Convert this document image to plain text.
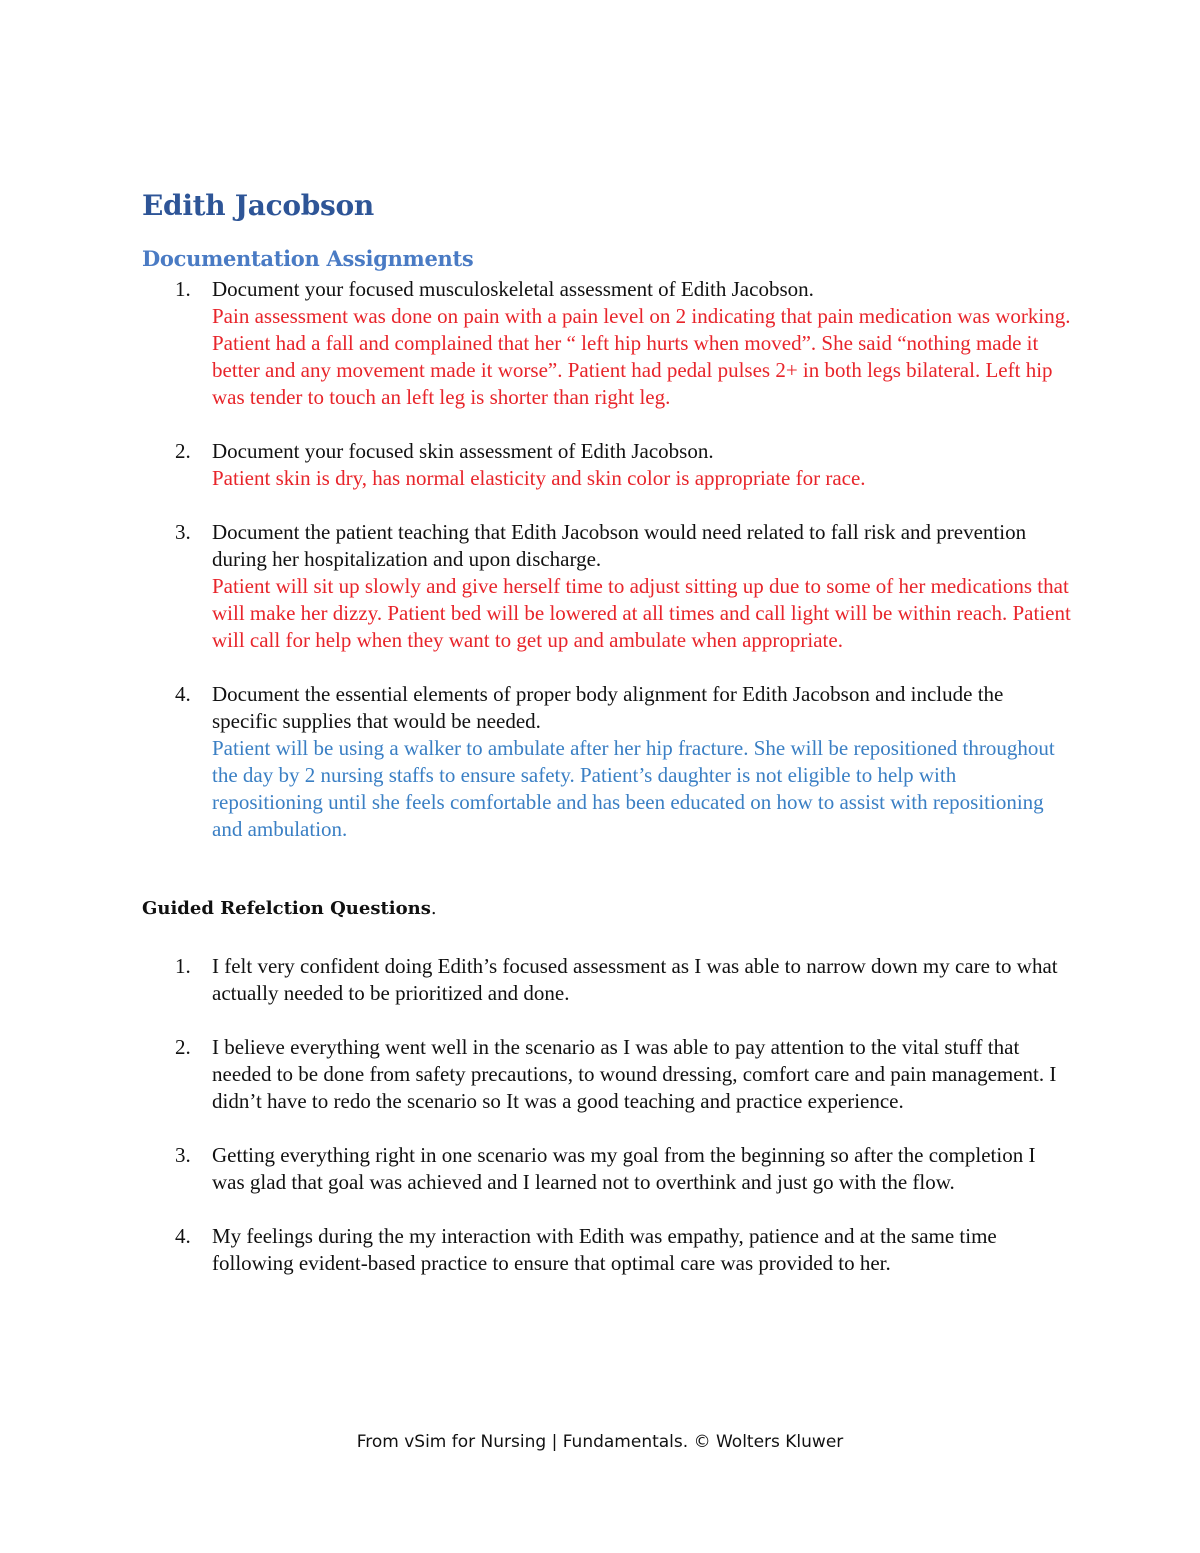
Edith Jacobson
Documentation Assignments
1. Document your focused musculoskeletal assessment of Edith Jacobson.

Pain assessment was done on pain with a pain level on 2 indicating that pain medication was working. Patient had a fall and complained that her “ left hip hurts when moved”. She said “nothing made it better and any movement made it worse”. Patient had pedal pulses 2+ in both legs bilateral. Left hip was tender to touch an left leg is shorter than right leg.

2. Document your focused skin assessment of Edith Jacobson.

Patient skin is dry, has normal elasticity and skin color is appropriate for race.

3. Document the patient teaching that Edith Jacobson would need related to fall risk and prevention during her hospitalization and upon discharge.

Patient will sit up slowly and give herself time to adjust sitting up due to some of her medications that will make her dizzy. Patient bed will be lowered at all times and call light will be within reach. Patient will call for help when they want to get up and ambulate when appropriate.

4. Document the essential elements of proper body alignment for Edith Jacobson and include the specific supplies that would be needed.

Patient will be using a walker to ambulate after her hip fracture. She will be repositioned throughout the day by 2 nursing staffs to ensure safety. Patient’s daughter is not eligible to help with repositioning until she feels comfortable and has been educated on how to assist with repositioning and ambulation.

Guided Refelction Questions.
1. I felt very confident doing Edith’s focused assessment as I was able to narrow down my care to what actually needed to be prioritized and done.

2. I believe everything went well in the scenario as I was able to pay attention to the vital stuff that needed to be done from safety precautions, to wound dressing, comfort care and pain management. I didn’t have to redo the scenario so It was a good teaching and practice experience.

3. Getting everything right in one scenario was my goal from the beginning so after the completion I was glad that goal was achieved and I learned not to overthink and just go with the flow.

4. My feelings during the my interaction with Edith was empathy, patience and at the same time following evident-based practice to ensure that optimal care was provided to her.

From vSim for Nursing | Fundamentals. © Wolters Kluwer
